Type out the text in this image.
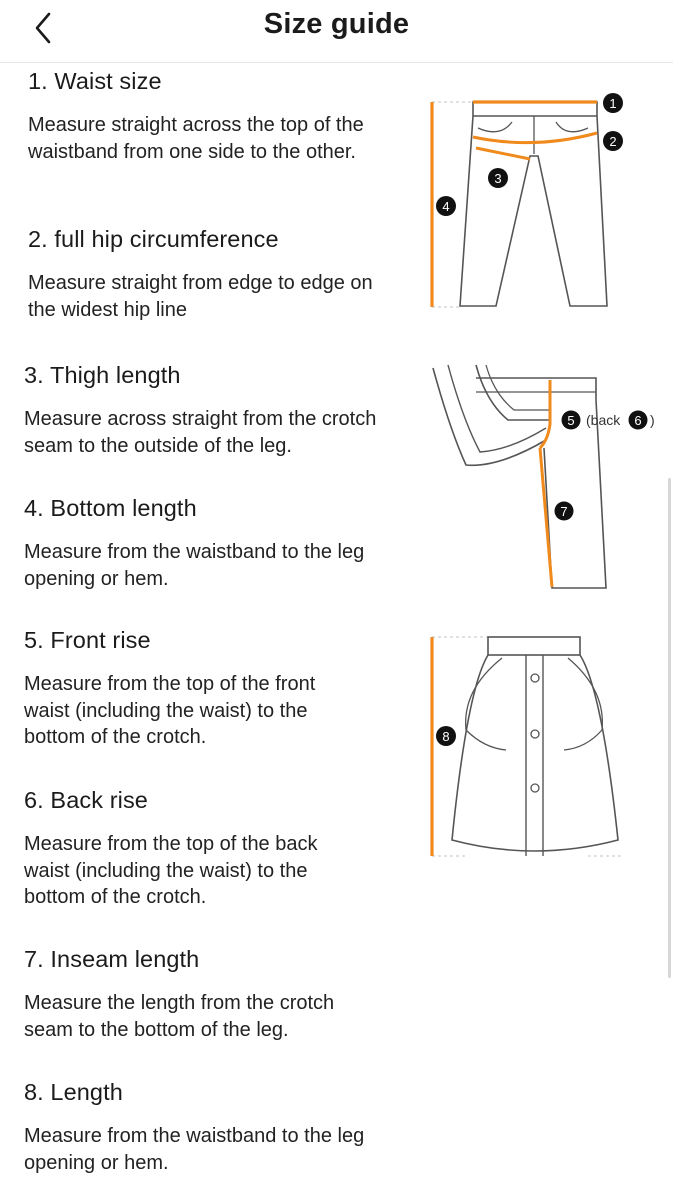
Size guide
1. Waist size

Measure straight across the top of the waistband from one side to the other.

2. full hip circumference

Measure straight from edge to edge on the widest hip line

3. Thigh length

Measure across straight from the crotch seam to the outside of the leg.

4. Bottom length

Measure from the waistband to the leg opening or hem.

5. Front rise

Measure from the top of the front waist (including the waist) to the bottom of the crotch.

6. Back rise

Measure from the top of the back waist (including the waist) to the bottom of the crotch.

7. Inseam length

Measure the length from the crotch seam to the bottom of the leg.

8. Length

Measure from the waistband to the leg opening or hem.

1
2
3
4
5 (back 6 )
7
8
